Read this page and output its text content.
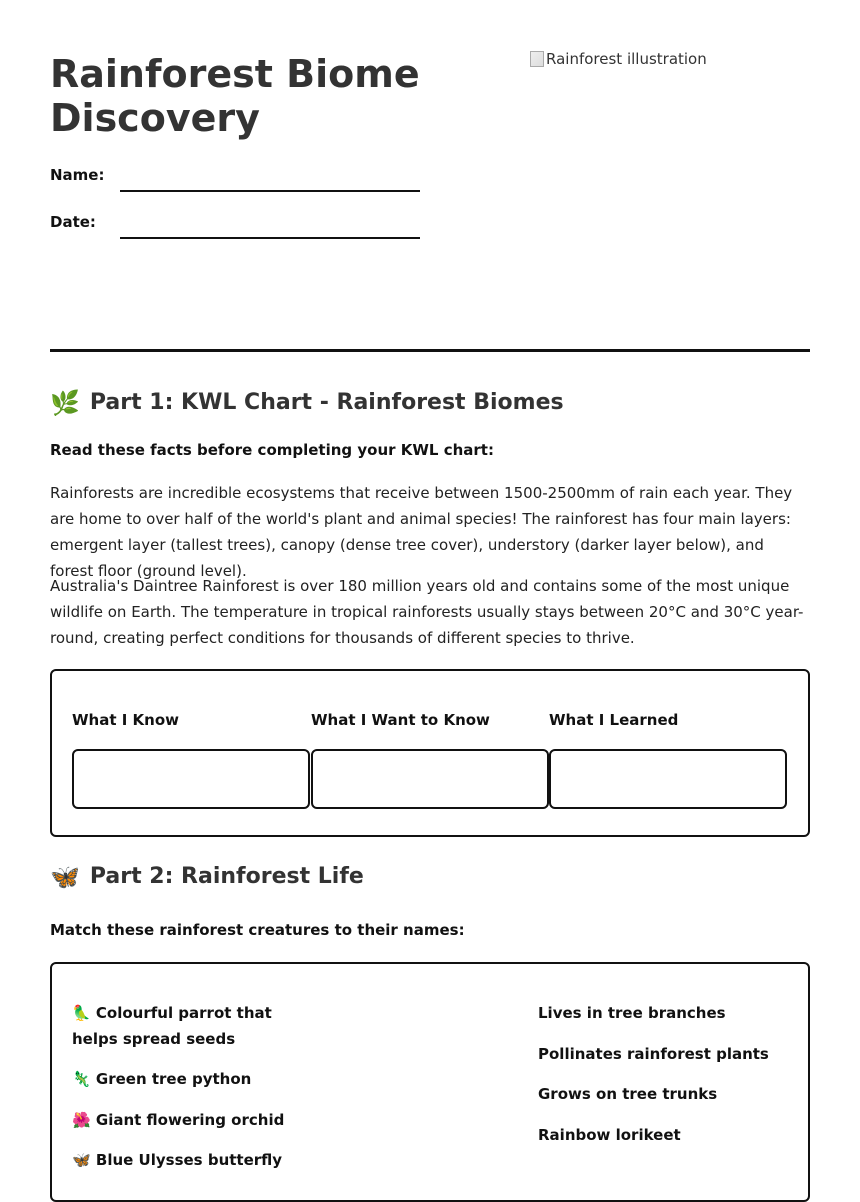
Rainforest Biome Discovery
Rainforest illustration
Name:
Date:
🌿 Part 1: KWL Chart - Rainforest Biomes
Read these facts before completing your KWL chart:

Rainforests are incredible ecosystems that receive between 1500-2500mm of rain each year. They are home to over half of the world's plant and animal species! The rainforest has four main layers: emergent layer (tallest trees), canopy (dense tree cover), understory (darker layer below), and forest floor (ground level).

Australia's Daintree Rainforest is over 180 million years old and contains some of the most unique wildlife on Earth. The temperature in tropical rainforests usually stays between 20°C and 30°C year-round, creating perfect conditions for thousands of different species to thrive.

What I Know	What I Want to Know	What I Learned
🦋 Part 2: Rainforest Life
Match these rainforest creatures to their names:
🦜 Colourful parrot that helps spread seeds
🦎 Green tree python
🌺 Giant flowering orchid
🦋 Blue Ulysses butterfly
Lives in tree branches
Pollinates rainforest plants
Grows on tree trunks
Rainbow lorikeet
